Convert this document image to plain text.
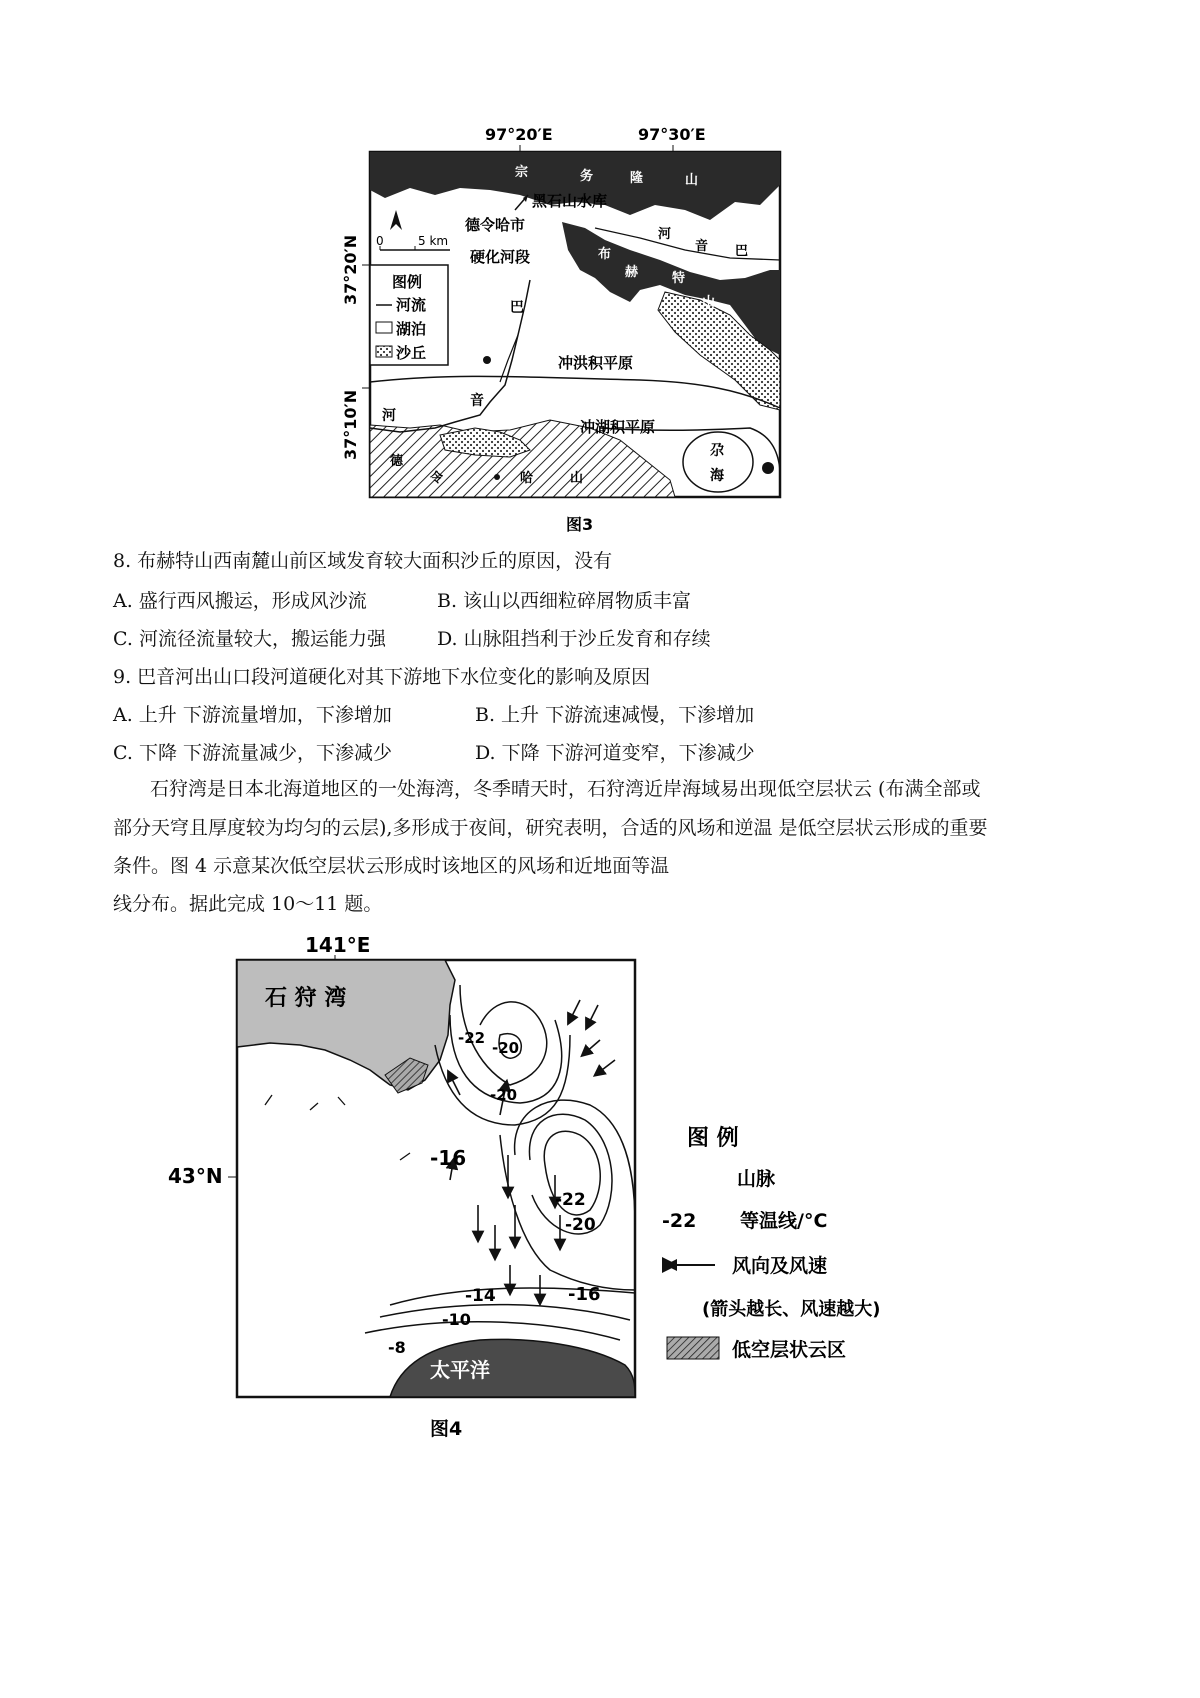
0	5 km
图例
河流
湖泊
沙丘
97°20′E	97°30′E
37°20′N
37°10′N
宗	务	隆	山
黑石山水库
德令哈市
硬化河段
巴
音
河
河
音 巴
布
赫	特
山
冲洪积平原
冲湖积平原
尕
海
德
令	哈	山
图3
8. 布赫特山西南麓山前区域发育较大面积沙丘的原因，没有
A. 盛行西风搬运，形成风沙流	B. 该山以西细粒碎屑物质丰富
C. 河流径流量较大，搬运能力强	D. 山脉阻挡利于沙丘发育和存续
9. 巴音河出山口段河道硬化对其下游地下水位变化的影响及原因
A. 上升 下游流量增加，下渗增加	B. 上升 下游流速减慢，下渗增加
C. 下降 下游流量减少，下渗减少	D. 下降 下游河道变窄，下渗减少
石狩湾是日本北海道地区的一处海湾，冬季晴天时，石狩湾近岸海域易出现低空层状云 (布满全部或
部分天穹且厚度较为均匀的云层),多形成于夜间，研究表明，合适的风场和逆温 是低空层状云形成的重要
条件。图 4 示意某次低空层状云形成时该地区的风场和近地面等温
线分布。据此完成 10～11 题。
141°E
43°N
石 狩 湾
太平洋
-22
-20
-20
-16
-22
-20
-16
-14
-10
-8
图 例
山脉
-22 等温线/°C
风向及风速
(箭头越长、风速越大)
低空层状云区
图4
